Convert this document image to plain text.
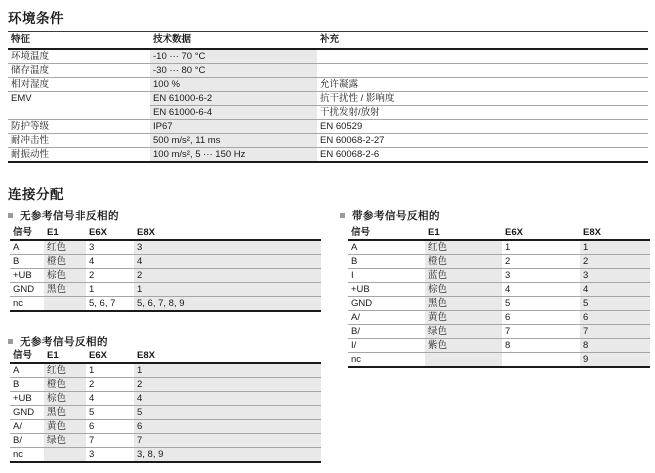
环境条件
特征	技术数据	补充
环境温度	-10 ··· 70 °C	
储存温度	-30 ··· 80 °C	
相对湿度	100 %	允许凝露
EMV	EN 61000-6-2	抗干扰性 / 影响度
	EN 61000-6-4	干扰发射/放射
防护等级	IP67	EN 60529
耐冲击性	500 m/s², 11 ms	EN 60068-2-27
耐振动性	100 m/s², 5 ··· 150 Hz	EN 60068-2-6
连接分配
无参考信号非反相的
信号	E1	E6X	E8X
A	红色	3	3
B	橙色	4	4
+UB	棕色	2	2
GND	黑色	1	1
nc		5, 6, 7	5, 6, 7, 8, 9
无参考信号反相的
信号	E1	E6X	E8X
A	红色	1	1
B	橙色	2	2
+UB	棕色	4	4
GND	黑色	5	5
A/	黄色	6	6
B/	绿色	7	7
nc		3	3, 8, 9
带参考信号反相的
信号	E1	E6X	E8X
A	红色	1	1
B	橙色	2	2
I	蓝色	3	3
+UB	棕色	4	4
GND	黑色	5	5
A/	黄色	6	6
B/	绿色	7	7
I/	紫色	8	8
nc			9
